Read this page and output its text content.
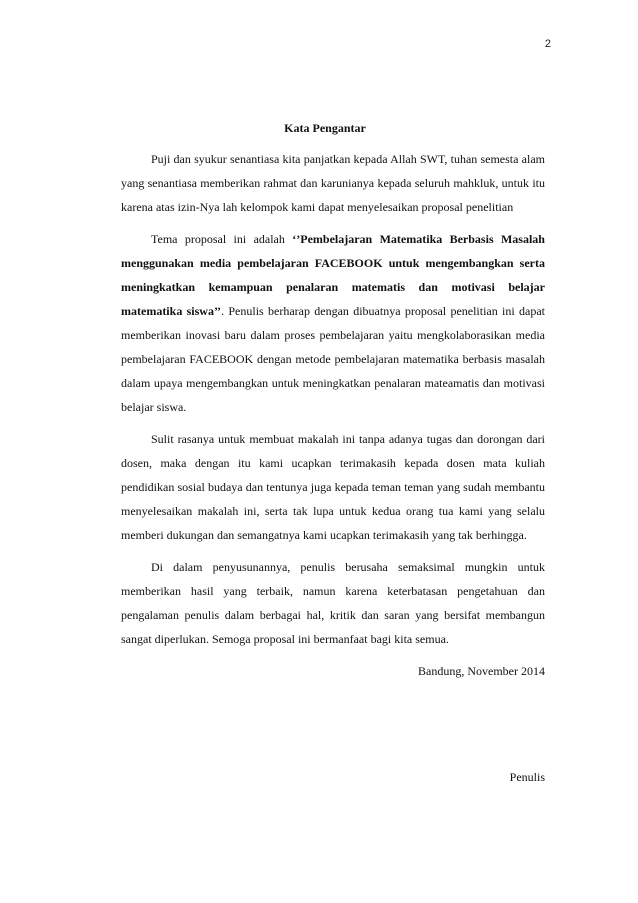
2
Kata Pengantar

Puji dan syukur senantiasa kita panjatkan kepada Allah SWT, tuhan semesta alam yang senantiasa memberikan rahmat dan karunianya kepada seluruh mahkluk, untuk itu karena atas izin-Nya lah kelompok kami dapat menyelesaikan proposal penelitian

Tema proposal ini adalah ‘’Pembelajaran Matematika Berbasis Masalah menggunakan media pembelajaran FACEBOOK untuk mengembangkan serta meningkatkan kemampuan penalaran matematis dan motivasi belajar matematika siswa’’. Penulis berharap dengan dibuatnya proposal penelitian ini dapat memberikan inovasi baru dalam proses pembelajaran yaitu mengkolaborasikan media pembelajaran FACEBOOK dengan metode pembelajaran matematika berbasis masalah dalam upaya mengembangkan untuk meningkatkan penalaran mateamatis dan motivasi belajar siswa.

Sulit rasanya untuk membuat makalah ini tanpa adanya tugas dan dorongan dari dosen, maka dengan itu kami ucapkan terimakasih kepada dosen mata kuliah pendidikan sosial budaya dan tentunya juga kepada teman teman yang sudah membantu menyelesaikan makalah ini, serta tak lupa untuk kedua orang tua kami yang selalu memberi dukungan dan semangatnya kami ucapkan terimakasih yang tak berhingga.

Di dalam penyusunannya, penulis berusaha semaksimal mungkin untuk memberikan hasil yang terbaik, namun karena keterbatasan pengetahuan dan pengalaman penulis dalam berbagai hal, kritik dan saran yang bersifat membangun sangat diperlukan. Semoga proposal ini bermanfaat bagi kita semua.

Bandung, November 2014

Penulis
